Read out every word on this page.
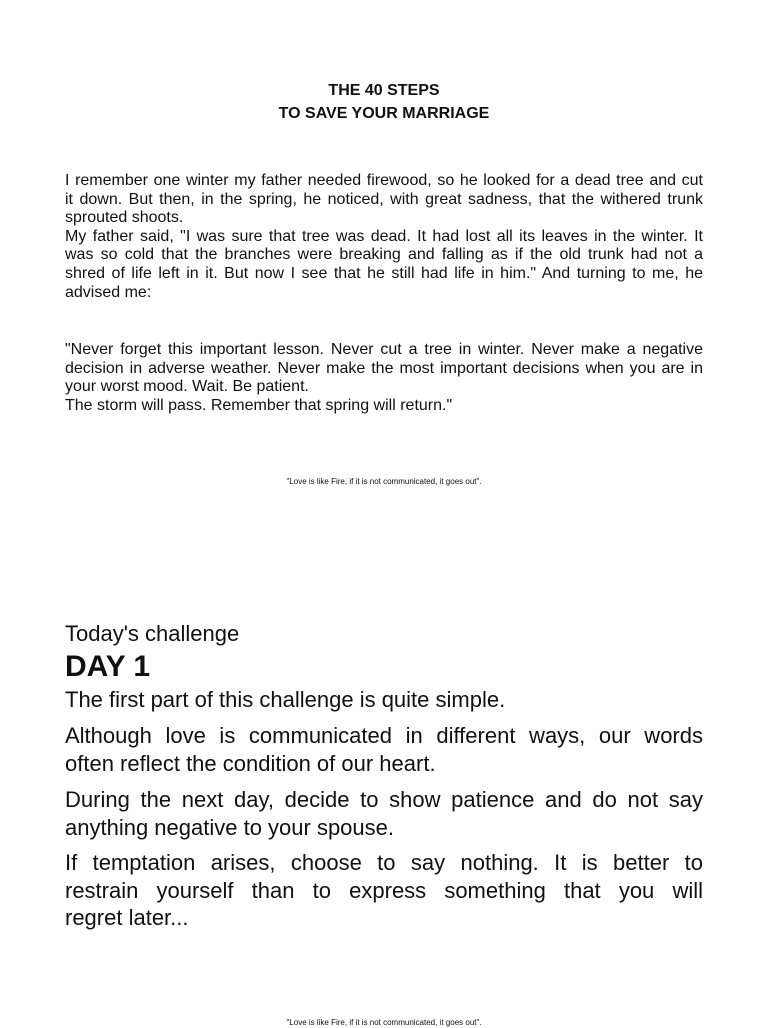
THE 40 STEPS
TO SAVE YOUR MARRIAGE

I remember one winter my father needed firewood, so he looked for a dead tree and cut
it down. But then, in the spring, he noticed, with great sadness, that the withered trunk
sprouted shoots.
My father said, "I was sure that tree was dead. It had lost all its leaves in the winter. It
was so cold that the branches were breaking and falling as if the old trunk had not a
shred of life left in it. But now I see that he still had life in him." And turning to me, he
advised me:

"Never forget this important lesson. Never cut a tree in winter. Never make a negative
decision in adverse weather. Never make the most important decisions when you are in
your worst mood. Wait. Be patient.
The storm will pass. Remember that spring will return."

"Love is like Fire, if it is not communicated, it goes out".
Today's challenge
DAY 1

The first part of this challenge is quite simple.

Although love is communicated in different ways, our words
often reflect the condition of our heart.

During the next day, decide to show patience and do not say
anything negative to your spouse.

If temptation arises, choose to say nothing. It is better to
restrain yourself than to express something that you will
regret later...

"Love is like Fire, if it is not communicated, it goes out".
